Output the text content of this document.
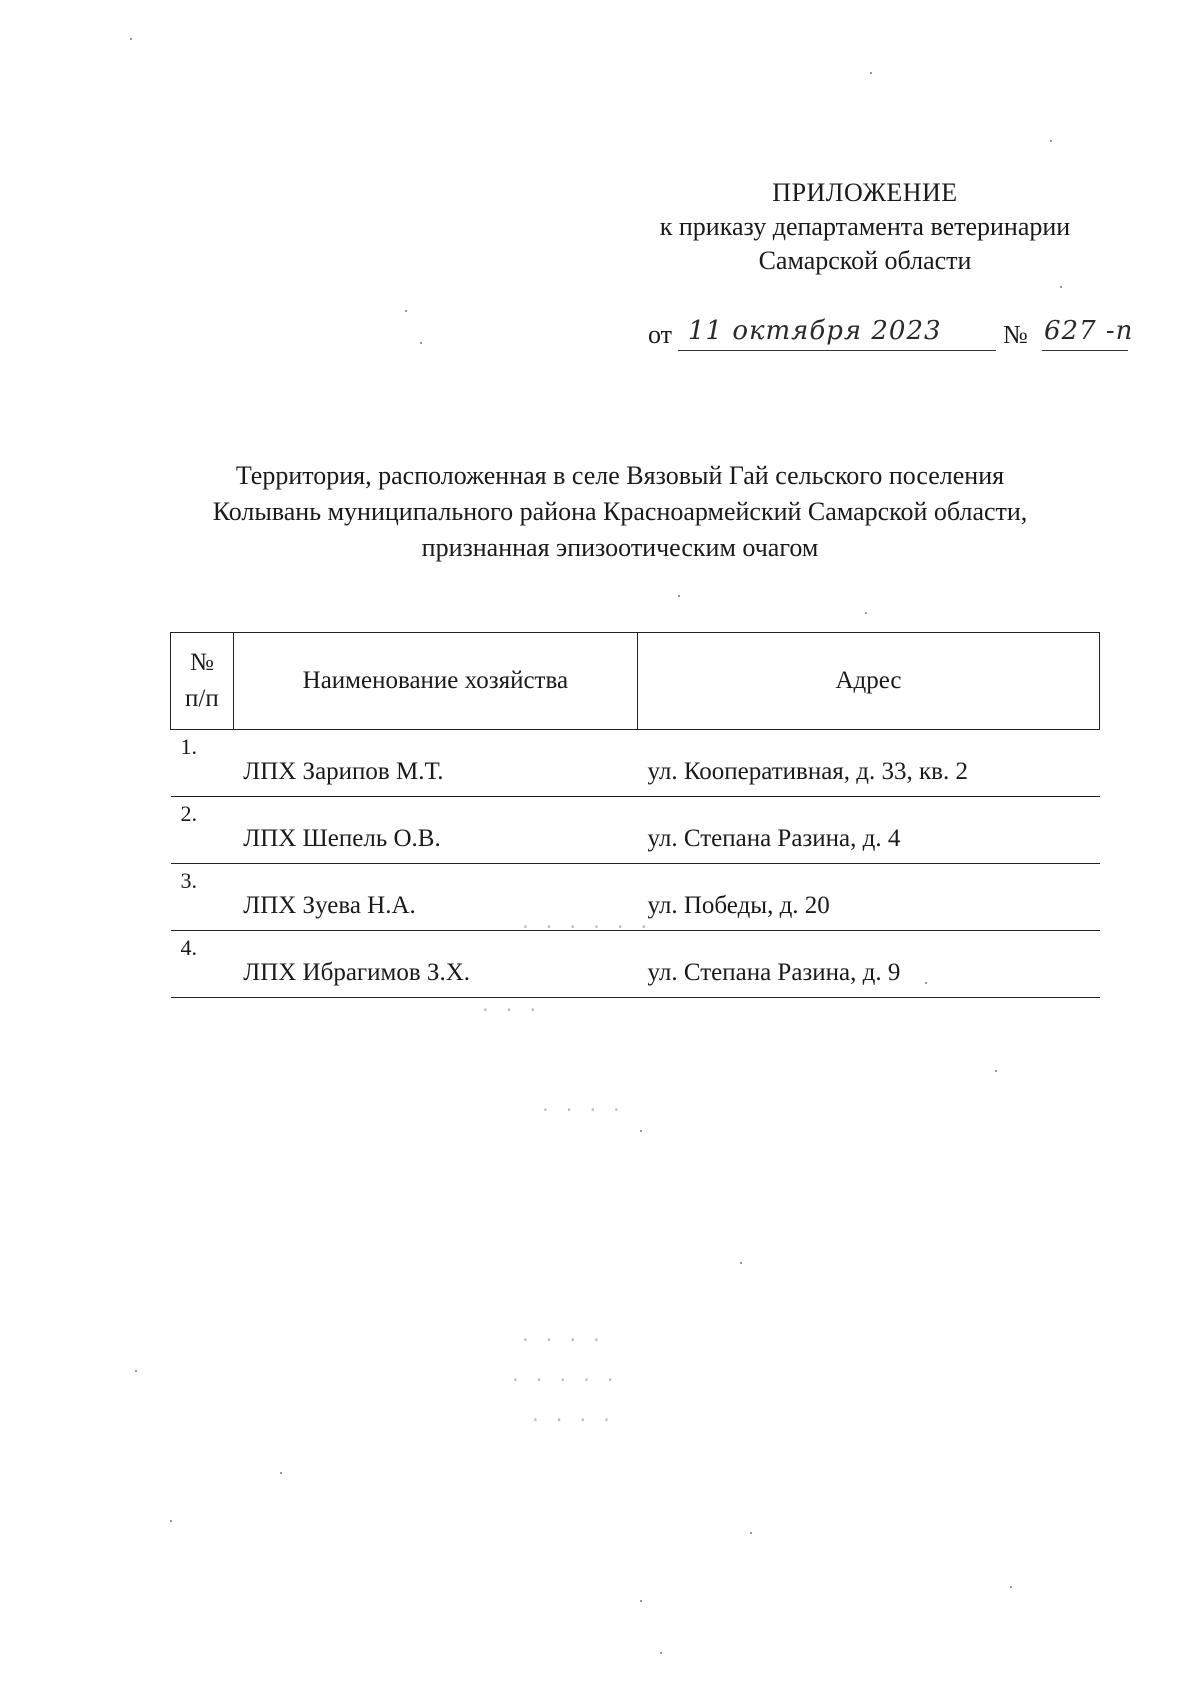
ПРИЛОЖЕНИЕ
к приказу департамента ветеринарии
Самарской области
от 11 октября 2023 № 627 -п
Территория, расположенная в селе Вязовый Гай сельского поселения
Колывань муниципального района Красноармейский Самарской области,
признанная эпизоотическим очагом
№
п/п	Наименование хозяйства	Адрес
1.	ЛПХ Зарипов М.Т.	ул. Кооперативная, д. 33, кв. 2
2.	ЛПХ Шепель О.В.	ул. Степана Разина, д. 4
3.	ЛПХ Зуева Н.А.	ул. Победы, д. 20
4.	ЛПХ Ибрагимов З.Х.	ул. Степана Разина, д. 9
· · · · · ·
· · ·
· · · ·
· · · ·
· · · · ·
· · · ·
